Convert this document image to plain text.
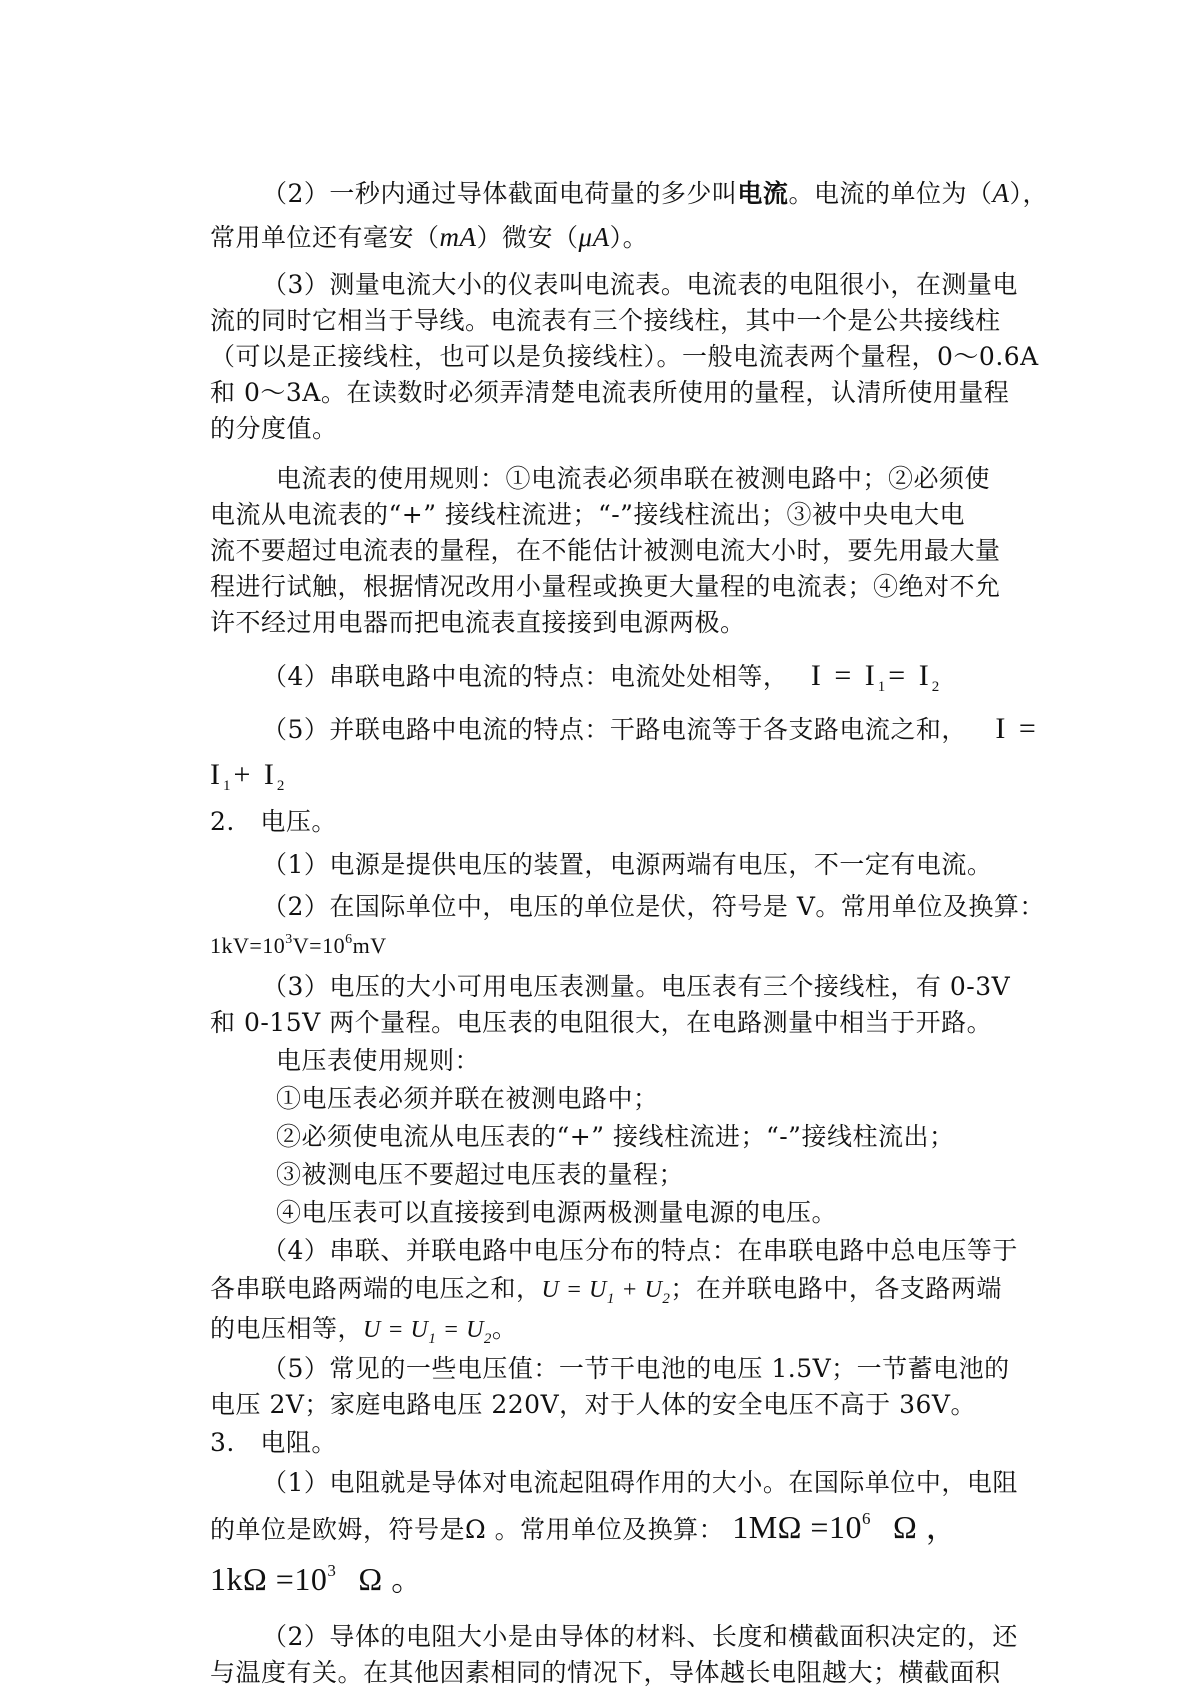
（2）一秒内通过导体截面电荷量的多少叫电流。电流的单位为（A），
常用单位还有毫安（mA）微安（μA）。
（3）测量电流大小的仪表叫电流表。电流表的电阻很小，在测量电
流的同时它相当于导线。电流表有三个接线柱，其中一个是公共接线柱
（可以是正接线柱，也可以是负接线柱）。一般电流表两个量程，0～0.6A
和 0～3A。在读数时必须弄清楚电流表所使用的量程，认清所使用量程
的分度值。
电流表的使用规则：①电流表必须串联在被测电路中；②必须使
电流从电流表的“+” 接线柱流进；“-”接线柱流出；③被中央电大电
流不要超过电流表的量程，在不能估计被测电流大小时，要先用最大量
程进行试触，根据情况改用小量程或换更大量程的电流表；④绝对不允
许不经过用电器而把电流表直接接到电源两极。
（4）串联电路中电流的特点：电流处处相等， $I = I_1= I_2$
（5）并联电路中电流的特点：干路电流等于各支路电流之和， I =
$I_1+ I_2$
2.　电压。
（1）电源是提供电压的装置，电源两端有电压，不一定有电流。
（2）在国际单位中，电压的单位是伏，符号是 V。常用单位及换算：
$1kV=10^3V=10^6mV$
（3）电压的大小可用电压表测量。电压表有三个接线柱，有 0-3V
和 0-15V 两个量程。电压表的电阻很大，在电路测量中相当于开路。
电压表使用规则：
①电压表必须并联在被测电路中；
②必须使电流从电压表的“+” 接线柱流进；“-”接线柱流出；
③被测电压不要超过电压表的量程；
④电压表可以直接接到电源两极测量电源的电压。
（4）串联、并联电路中电压分布的特点：在串联电路中总电压等于
各串联电路两端的电压之和，$U = U_1 + U_2$；在并联电路中，各支路两端
的电压相等，$U = U_1 = U_2$。
（5）常见的一些电压值：一节干电池的电压 1.5V；一节蓄电池的
电压 2V；家庭电路电压 220V，对于人体的安全电压不高于 36V。
3.　电阻。
（1）电阻就是导体对电流起阻碍作用的大小。在国际单位中，电阻
的单位是欧姆，符号是Ω 。常用单位及换算： $1M\Omega =10^6$ Ω ，
$1k\Omega =10^3$ Ω 。
（2）导体的电阻大小是由导体的材料、长度和横截面积决定的，还
与温度有关。在其他因素相同的情况下，导体越长电阻越大；横截面积
